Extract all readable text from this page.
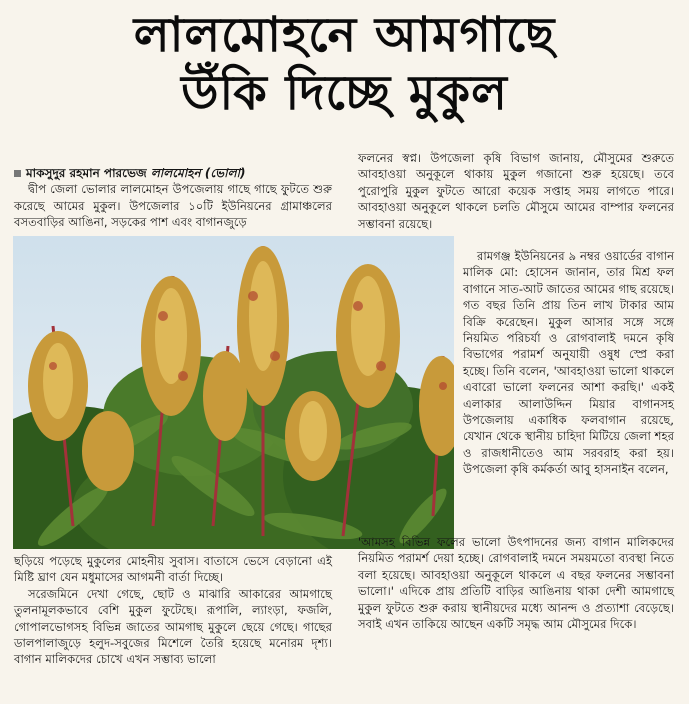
লালমোহনে আমগাছে
উঁকি দিচ্ছে মুকুল
মাকসুদুর রহমান পারভেজ লালমোহন (ভোলা)

দ্বীপ জেলা ভোলার লালমোহন উপজেলায় গাছে গাছে ফুটতে শুরু করেছে আমের মুকুল। উপজেলার ১০টি ইউনিয়নের গ্রামাঞ্চলের বসতবাড়ির আঙিনা, সড়কের পাশ এবং বাগানজুড়ে

ছড়িয়ে পড়েছে মুকুলের মোহনীয় সুবাস। বাতাসে ভেসে বেড়ানো এই মিষ্টি ঘ্রাণ যেন মধুমাসের আগমনী বার্তা দিচ্ছে।

সরেজমিনে দেখা গেছে, ছোট ও মাঝারি আকারের আমগাছে তুলনামূলকভাবে বেশি মুকুল ফুটেছে। রূপালি, ল্যাংড়া, ফজলি, গোপালভোগসহ বিভিন্ন জাতের আমগাছ মুকুলে ছেয়ে গেছে। গাছের ডালপালাজুড়ে হলুদ-সবুজের মিশেলে তৈরি হয়েছে মনোরম দৃশ্য। বাগান মালিকদের চোখে এখন সম্ভাব্য ভালো

ফলনের স্বপ্ন। উপজেলা কৃষি বিভাগ জানায়, মৌসুমের শুরুতে আবহাওয়া অনুকূলে থাকায় মুকুল গজানো শুরু হয়েছে। তবে পুরোপুরি মুকুল ফুটতে আরো কয়েক সপ্তাহ সময় লাগতে পারে। আবহাওয়া অনুকূলে থাকলে চলতি মৌসুমে আমের বাম্পার ফলনের সম্ভাবনা রয়েছে।

রামগঞ্জ ইউনিয়নের ৯ নম্বর ওয়ার্ডের বাগান মালিক মো: হোসেন জানান, তার মিশ্র ফল বাগানে সাত-আট জাতের আমের গাছ রয়েছে। গত বছর তিনি প্রায় তিন লাখ টাকার আম বিক্রি করেছেন। মুকুল আসার সঙ্গে সঙ্গে নিয়মিত পরিচর্যা ও রোগবালাই দমনে কৃষি বিভাগের পরামর্শ অনুযায়ী ওষুধ স্প্রে করা হচ্ছে। তিনি বলেন, 'আবহাওয়া ভালো থাকলে এবারো ভালো ফলনের আশা করছি।' একই এলাকার আলাউদ্দিন মিয়ার বাগানসহ উপজেলায় একাধিক ফলবাগান রয়েছে, যেখান থেকে স্থানীয় চাহিদা মিটিয়ে জেলা শহর ও রাজধানীতেও আম সরবরাহ করা হয়। উপজেলা কৃষি কর্মকর্তা আবু হাসনাইন বলেন,

'আমসহ বিভিন্ন ফলের ভালো উৎপাদনের জন্য বাগান মালিকদের নিয়মিত পরামর্শ দেয়া হচ্ছে। রোগবালাই দমনে সময়মতো ব্যবস্থা নিতে বলা হয়েছে। আবহাওয়া অনুকূলে থাকলে এ বছর ফলনের সম্ভাবনা ভালো।' এদিকে প্রায় প্রতিটি বাড়ির আঙিনায় থাকা দেশী আমগাছে মুকুল ফুটতে শুরু করায় স্থানীয়দের মধ্যে আনন্দ ও প্রত্যাশা বেড়েছে। সবাই এখন তাকিয়ে আছেন একটি সমৃদ্ধ আম মৌসুমের দিকে।
